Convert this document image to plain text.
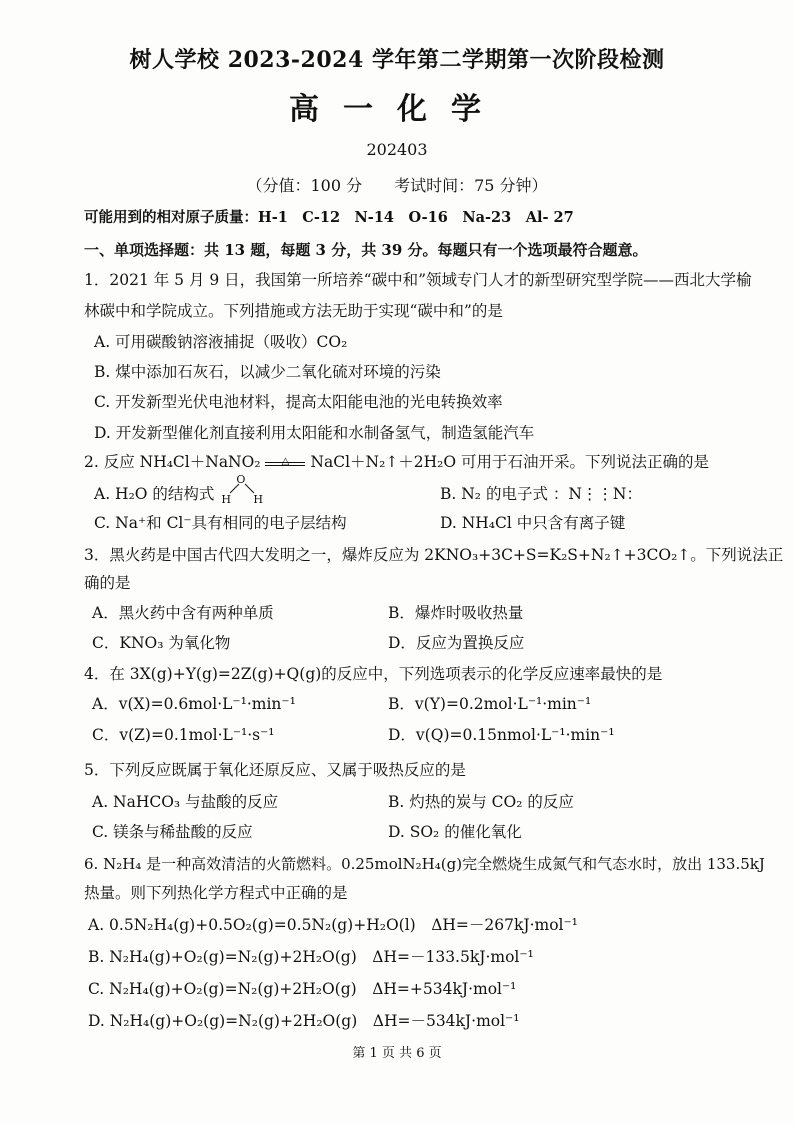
树人学校 2023-2024 学年第二学期第一次阶段检测
高一化学
202403
（分值：100 分　　考试时间：75 分钟）
可能用到的相对原子质量：H-1　C-12　N-14　O-16　Na-23　Al- 27
一、单项选择题：共 13 题，每题 3 分，共 39 分。每题只有一个选项最符合题意。
1．2021 年 5 月 9 日，我国第一所培养“碳中和”领域专门人才的新型研究型学院——西北大学榆
林碳中和学院成立。下列措施或方法无助于实现“碳中和”的是
A. 可用碳酸钠溶液捕捉（吸收）CO₂
B. 煤中添加石灰石，以减少二氧化硫对环境的污染
C. 开发新型光伏电池材料，提高太阳能电池的光电转换效率
D. 开发新型催化剂直接利用太阳能和水制备氢气，制造氢能汽车
2. 反应 NH₄Cl＋NaNO₂	△	NaCl＋N₂↑＋2H₂O 可用于石油开采。下列说法正确的是
A. H₂O 的结构式
O
H H	B. N₂ 的电子式 ：N⋮⋮N：
C. Na⁺和 Cl⁻具有相同的电子层结构	D. NH₄Cl 中只含有离子键
3．黑火药是中国古代四大发明之一，爆炸反应为 2KNO₃+3C+S=K₂S+N₂↑+3CO₂↑。下列说法正
确的是
A．黑火药中含有两种单质	B．爆炸时吸收热量
C．KNO₃ 为氧化物	D．反应为置换反应
4．在 3X(g)+Y(g)=2Z(g)+Q(g)的反应中，下列选项表示的化学反应速率最快的是
A．v(X)=0.6mol·L⁻¹·min⁻¹	B．v(Y)=0.2mol·L⁻¹·min⁻¹
C．v(Z)=0.1mol·L⁻¹·s⁻¹	D．v(Q)=0.15nmol·L⁻¹·min⁻¹
5．下列反应既属于氧化还原反应、又属于吸热反应的是
A. NaHCO₃ 与盐酸的反应	B. 灼热的炭与 CO₂ 的反应
C. 镁条与稀盐酸的反应	D. SO₂ 的催化氧化
6. N₂H₄ 是一种高效清洁的火箭燃料。0.25molN₂H₄(g)完全燃烧生成氮气和气态水时，放出 133.5kJ
热量。则下列热化学方程式中正确的是
A. 0.5N₂H₄(g)+0.5O₂(g)=0.5N₂(g)+H₂O(l)　ΔH=－267kJ·mol⁻¹
B. N₂H₄(g)+O₂(g)=N₂(g)+2H₂O(g)　ΔH=－133.5kJ·mol⁻¹
C. N₂H₄(g)+O₂(g)=N₂(g)+2H₂O(g)　ΔH=+534kJ·mol⁻¹
D. N₂H₄(g)+O₂(g)=N₂(g)+2H₂O(g)　ΔH=－534kJ·mol⁻¹
第 1 页 共 6 页
